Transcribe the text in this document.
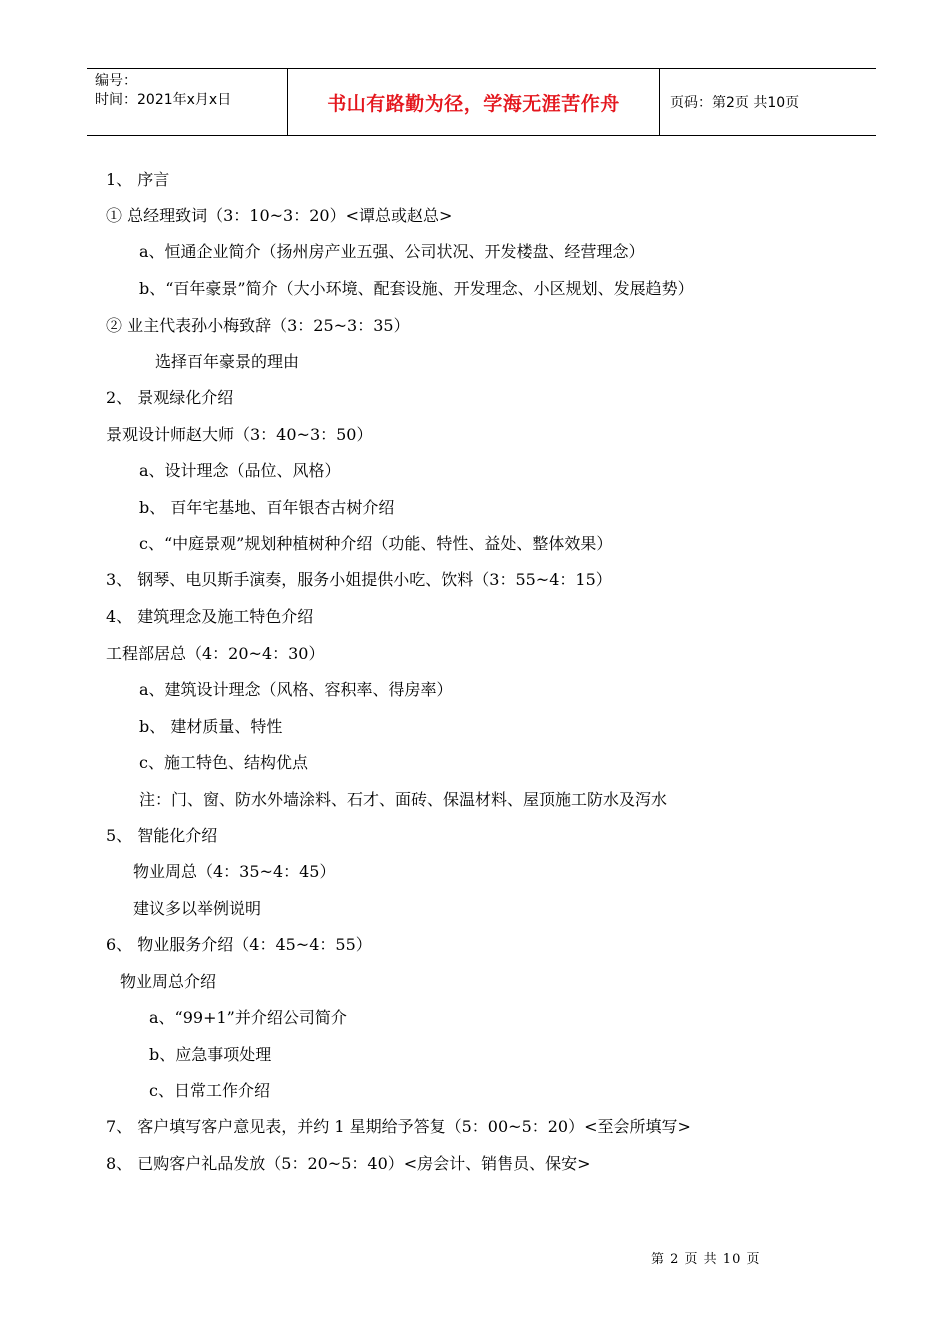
编号：
时间：2021年x月x日	书山有路勤为径，学海无涯苦作舟	页码：第2页 共10页
1、 序言
① 总经理致词（3：10~3：20）<谭总或赵总>
a、恒通企业简介（扬州房产业五强、公司状况、开发楼盘、经营理念）
b、“百年豪景”简介（大小环境、配套设施、开发理念、小区规划、发展趋势）
② 业主代表孙小梅致辞（3：25~3：35）
选择百年豪景的理由
2、 景观绿化介绍
景观设计师赵大师（3：40~3：50）
a、设计理念（品位、风格）
b、 百年宅基地、百年银杏古树介绍
c、“中庭景观”规划种植树种介绍（功能、特性、益处、整体效果）
3、 钢琴、电贝斯手演奏，服务小姐提供小吃、饮料（3：55~4：15）
4、 建筑理念及施工特色介绍
工程部居总（4：20~4：30）
a、建筑设计理念（风格、容积率、得房率）
b、 建材质量、特性
c、施工特色、结构优点
注：门、窗、防水外墙涂料、石才、面砖、保温材料、屋顶施工防水及泻水
5、 智能化介绍
物业周总（4：35~4：45）
建议多以举例说明
6、 物业服务介绍（4：45~4：55）
物业周总介绍
a、“99+1”并介绍公司简介
b、应急事项处理
c、日常工作介绍
7、 客户填写客户意见表，并约 1 星期给予答复（5：00~5：20）<至会所填写>
8、 已购客户礼品发放（5：20~5：40）<房会计、销售员、保安>
第 2 页 共 10 页
